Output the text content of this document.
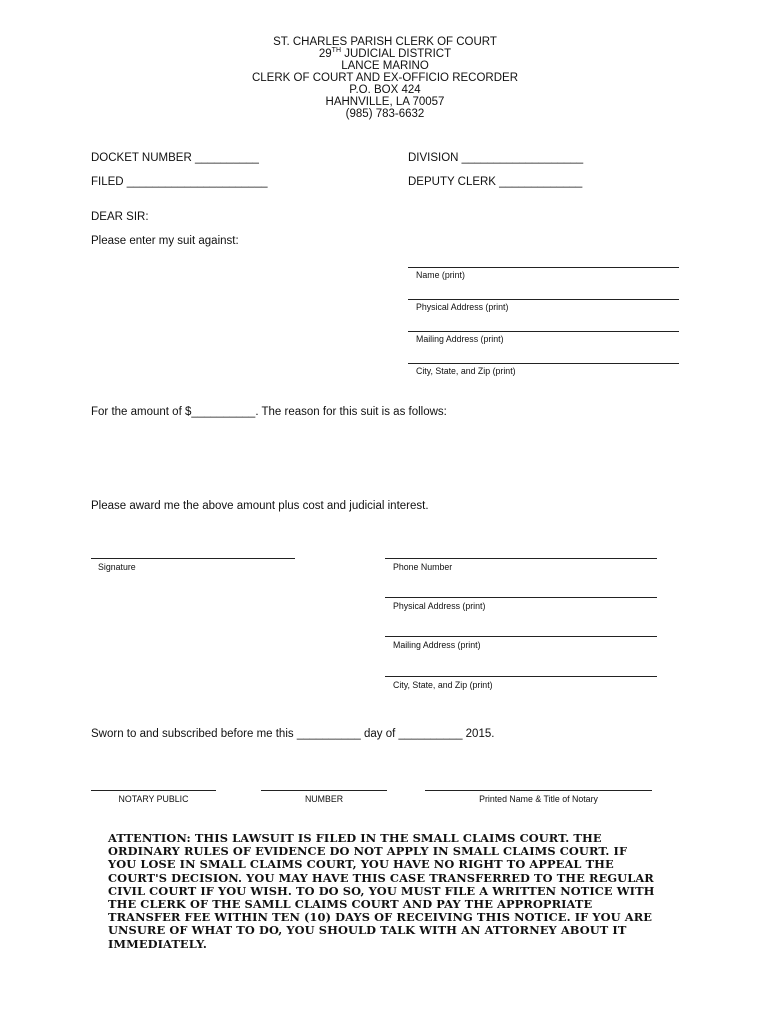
ST. CHARLES PARISH CLERK OF COURT
29TH JUDICIAL DISTRICT
LANCE MARINO
CLERK OF COURT AND EX-OFFICIO RECORDER
P.O. BOX 424
HAHNVILLE, LA 70057
(985) 783-6632
DOCKET NUMBER __________	DIVISION ___________________
FILED ______________________	DEPUTY CLERK _____________
DEAR SIR:
Please enter my suit against:
Name (print)
Physical Address (print)
Mailing Address (print)
City, State, and Zip (print)
For the amount of $__________. The reason for this suit is as follows:
Please award me the above amount plus cost and judicial interest.
Signature	Phone Number
Physical Address (print)
Mailing Address (print)
City, State, and Zip (print)
Sworn to and subscribed before me this __________ day of __________ 2015.
NOTARY PUBLIC	NUMBER	Printed Name & Title of Notary
ATTENTION: THIS LAWSUIT IS FILED IN THE SMALL CLAIMS COURT. THE
ORDINARY RULES OF EVIDENCE DO NOT APPLY IN SMALL CLAIMS COURT. IF
YOU LOSE IN SMALL CLAIMS COURT, YOU HAVE NO RIGHT TO APPEAL THE
COURT'S DECISION. YOU MAY HAVE THIS CASE TRANSFERRED TO THE REGULAR
CIVIL COURT IF YOU WISH. TO DO SO, YOU MUST FILE A WRITTEN NOTICE WITH
THE CLERK OF THE SAMLL CLAIMS COURT AND PAY THE APPROPRIATE
TRANSFER FEE WITHIN TEN (10) DAYS OF RECEIVING THIS NOTICE. IF YOU ARE
UNSURE OF WHAT TO DO, YOU SHOULD TALK WITH AN ATTORNEY ABOUT IT
IMMEDIATELY.
